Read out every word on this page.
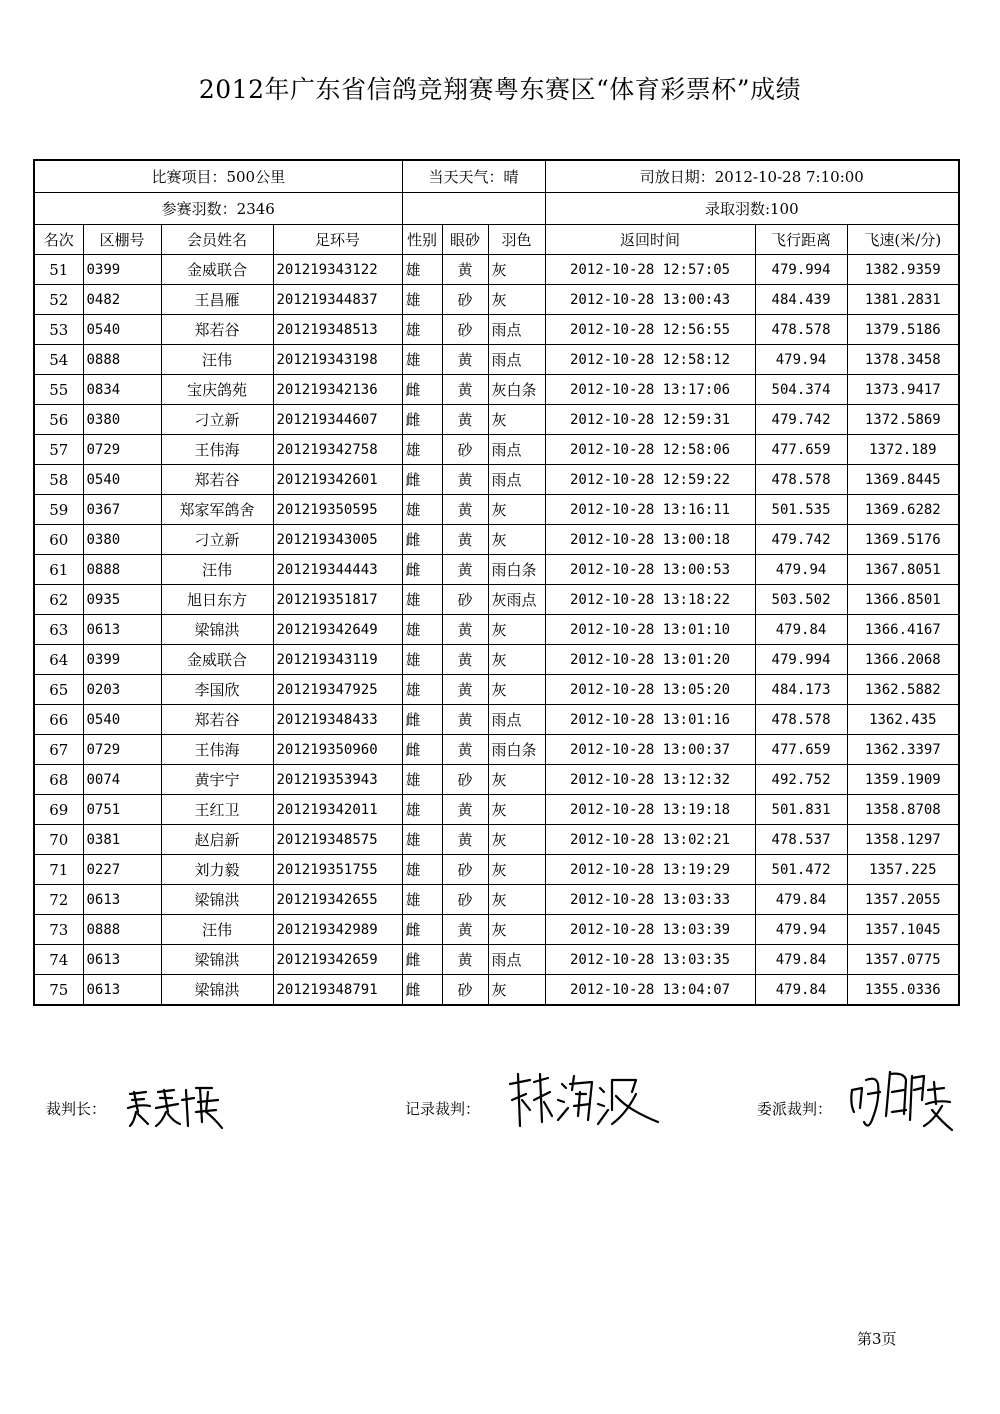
2012年广东省信鸽竞翔赛粤东赛区“体育彩票杯”成绩
比赛项目：500公里				当天天气：晴			司放日期：2012-10-28 7:10:00		
参赛羽数：2346							录取羽数:100		
名次	区棚号	会员姓名	足环号	性别	眼砂	羽色	返回时间	飞行距离	飞速(米/分)
51	0399	金威联合	201219343122	雄	黄	灰	2012-10-28 12:57:05	479.994	1382.9359
52	0482	王昌雁	201219344837	雄	砂	灰	2012-10-28 13:00:43	484.439	1381.2831
53	0540	郑若谷	201219348513	雄	砂	雨点	2012-10-28 12:56:55	478.578	1379.5186
54	0888	汪伟	201219343198	雄	黄	雨点	2012-10-28 12:58:12	479.94	1378.3458
55	0834	宝庆鸽苑	201219342136	雌	黄	灰白条	2012-10-28 13:17:06	504.374	1373.9417
56	0380	刁立新	201219344607	雌	黄	灰	2012-10-28 12:59:31	479.742	1372.5869
57	0729	王伟海	201219342758	雄	砂	雨点	2012-10-28 12:58:06	477.659	1372.189
58	0540	郑若谷	201219342601	雌	黄	雨点	2012-10-28 12:59:22	478.578	1369.8445
59	0367	郑家军鸽舍	201219350595	雄	黄	灰	2012-10-28 13:16:11	501.535	1369.6282
60	0380	刁立新	201219343005	雌	黄	灰	2012-10-28 13:00:18	479.742	1369.5176
61	0888	汪伟	201219344443	雌	黄	雨白条	2012-10-28 13:00:53	479.94	1367.8051
62	0935	旭日东方	201219351817	雄	砂	灰雨点	2012-10-28 13:18:22	503.502	1366.8501
63	0613	梁锦洪	201219342649	雄	黄	灰	2012-10-28 13:01:10	479.84	1366.4167
64	0399	金威联合	201219343119	雄	黄	灰	2012-10-28 13:01:20	479.994	1366.2068
65	0203	李国欣	201219347925	雄	黄	灰	2012-10-28 13:05:20	484.173	1362.5882
66	0540	郑若谷	201219348433	雌	黄	雨点	2012-10-28 13:01:16	478.578	1362.435
67	0729	王伟海	201219350960	雌	黄	雨白条	2012-10-28 13:00:37	477.659	1362.3397
68	0074	黄宇宁	201219353943	雄	砂	灰	2012-10-28 13:12:32	492.752	1359.1909
69	0751	王红卫	201219342011	雄	黄	灰	2012-10-28 13:19:18	501.831	1358.8708
70	0381	赵启新	201219348575	雄	黄	灰	2012-10-28 13:02:21	478.537	1358.1297
71	0227	刘力毅	201219351755	雄	砂	灰	2012-10-28 13:19:29	501.472	1357.225
72	0613	梁锦洪	201219342655	雄	砂	灰	2012-10-28 13:03:33	479.84	1357.2055
73	0888	汪伟	201219342989	雌	黄	灰	2012-10-28 13:03:39	479.94	1357.1045
74	0613	梁锦洪	201219342659	雌	黄	雨点	2012-10-28 13:03:35	479.84	1357.0775
75	0613	梁锦洪	201219348791	雌	砂	灰	2012-10-28 13:04:07	479.84	1355.0336
裁判长：	记录裁判：	委派裁判：
第3页
